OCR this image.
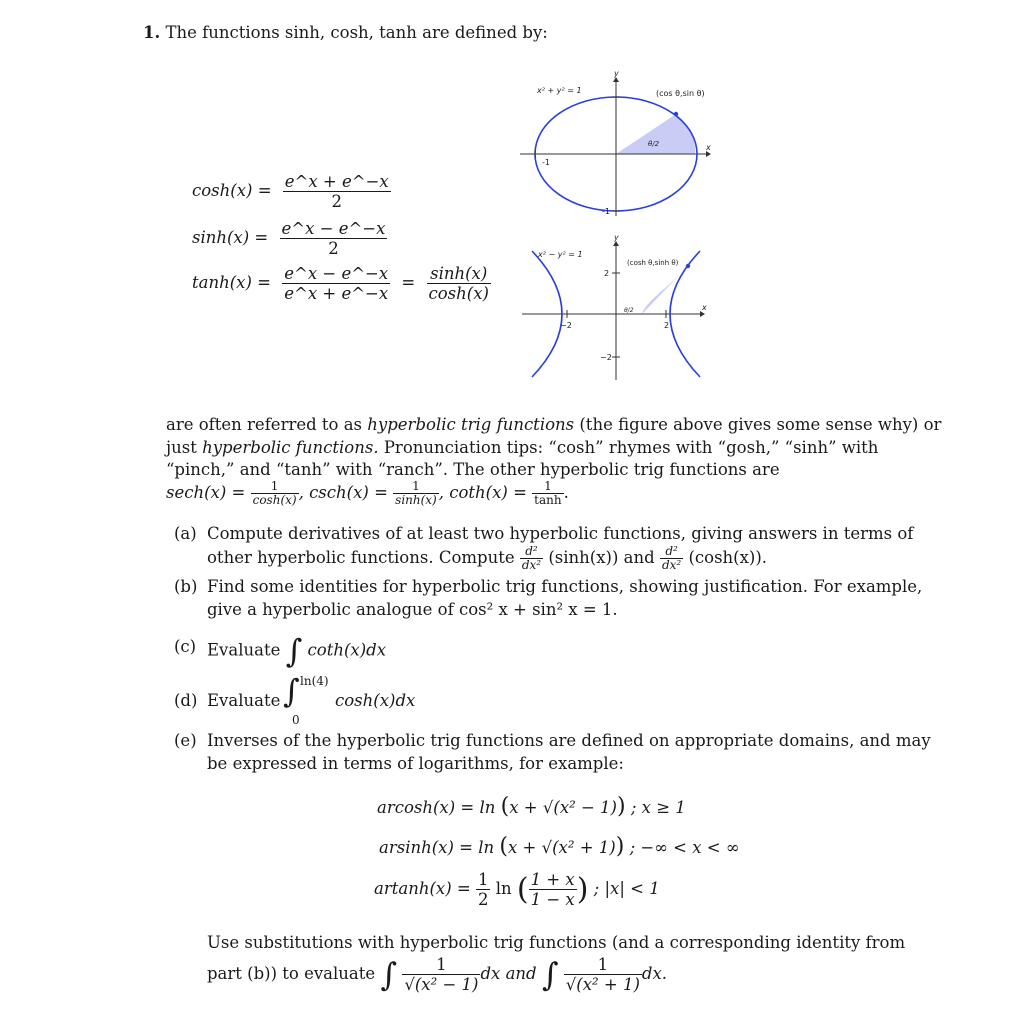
1. The functions sinh, cosh, tanh are defined by:
$\cosh(x) = \frac{e\^{}x + e\^{}-x}{2}$
$\sinh(x) = \frac{e\^{}x - e\^{}-x}{2}$
$\tanh(x) = \frac{e\^{}x - e\^{}-x}{e\^{}x + e\^{}-x} = \frac{\sinh(x)}{\cosh(x)}$
x² + y² = 1	(cos θ,sin θ)
θ/2	x
y
-1
-1
x² − y² = 1
(cosh θ,sinh θ)
θ/2	x
y
−2	2
2
−2
are often referred to as hyperbolic trig functions (the figure above gives some sense why) or
just hyperbolic functions. Pronunciation tips: “cosh” rhymes with “gosh,” “sinh” with
“pinch,” and “tanh” with “ranch”. The other hyperbolic trig functions are
$\sec h(x) = \frac{1}{\cosh(x)}$ , $\csc h(x) = \frac{1}{\sinh(x)}$ , $\cot h(x) = \frac{1}{\tanh}$ .
(a) Compute derivatives of at least two hyperbolic functions, giving answers in terms of
other hyperbolic functions. Compute $\frac{\text{d²}}{\text{dx²}} (\sinh(x))$ and $\frac{\text{d²}}{\text{dx²}} (\cosh(x))$.
(b) Find some identities for hyperbolic trig functions, showing justification. For example,
give a hyperbolic analogue of cos² x + sin² x = 1.
(c) Evaluate ∫ coth(x)dx
(d) Evaluate ∫ ln(4)
0
cosh(x)dx
(e) Inverses of the hyperbolic trig functions are defined on appropriate domains, and may
be expressed in terms of logarithms, for example:
arcosh(x) = ln (x + √(x² − 1)) ; x ≥ 1
arsinh(x) = ln (x + √(x² + 1)) ; −∞ < x < ∞
$artanh(x) = \frac{1}{2}$ ln ( $\frac{1 + x}{1 - x}$ ) ; |x| < 1
Use substitutions with hyperbolic trig functions (and a corresponding identity from
part (b)) to evaluate ∫ $\frac{1}{\text{√(x² − 1)}}$ dx and ∫ $\frac{1}{\text{√(x² + 1)}}$ dx.
